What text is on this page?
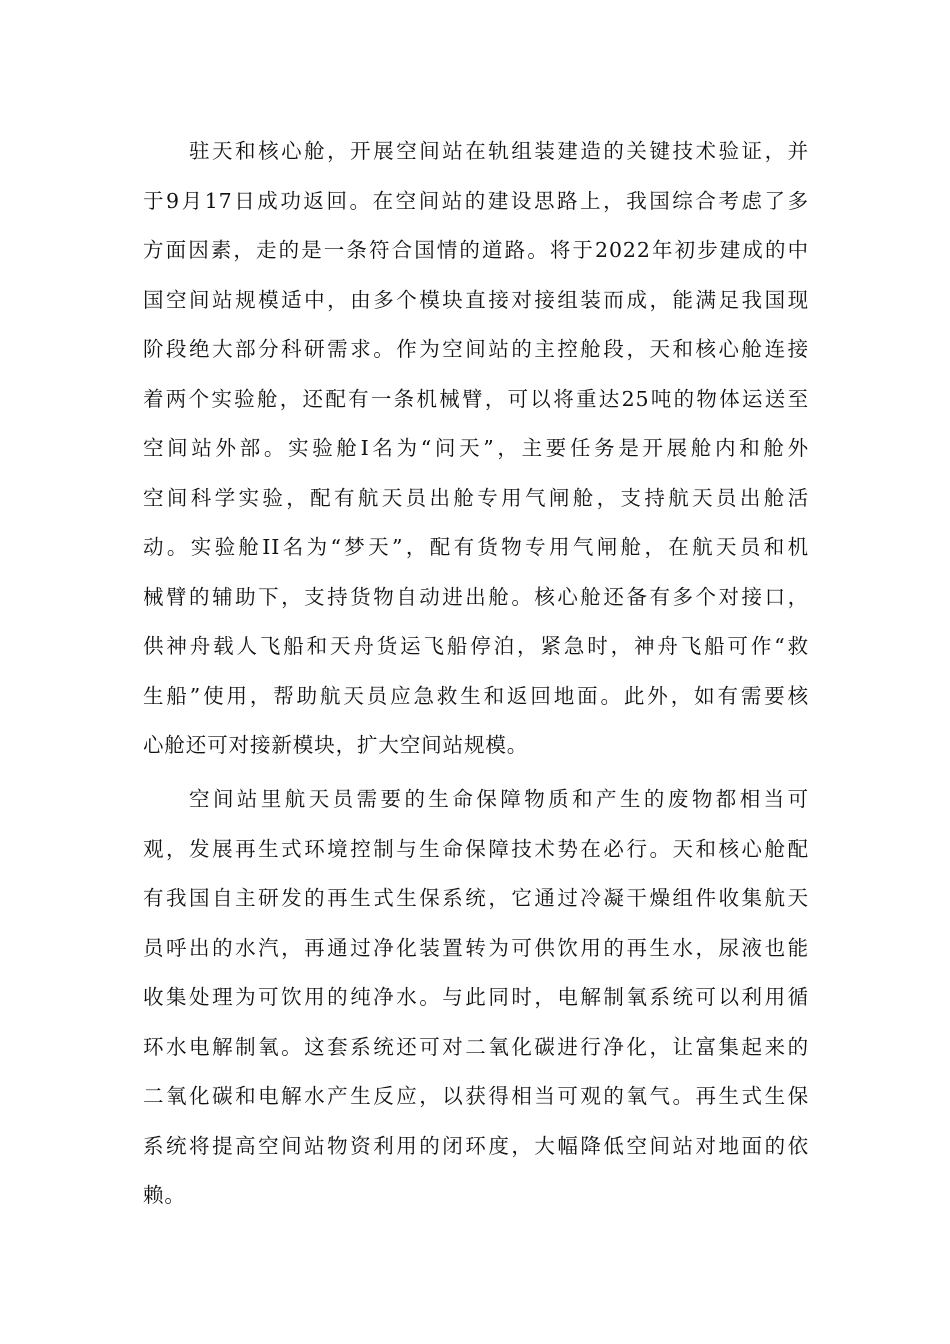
驻天和核心舱，开展空间站在轨组装建造的关键技术验证，并
于9月17日成功返回。在空间站的建设思路上，我国综合考虑了多
方面因素，走的是一条符合国情的道路。将于2022年初步建成的中
国空间站规模适中，由多个模块直接对接组装而成，能满足我国现
阶段绝大部分科研需求。作为空间站的主控舱段，天和核心舱连接
着两个实验舱，还配有一条机械臂，可以将重达25吨的物体运送至
空间站外部。实验舱I名为“问天”，主要任务是开展舱内和舱外
空间科学实验，配有航天员出舱专用气闸舱，支持航天员出舱活
动。实验舱II名为“梦天”，配有货物专用气闸舱，在航天员和机
械臂的辅助下，支持货物自动进出舱。核心舱还备有多个对接口，
供神舟载人飞船和天舟货运飞船停泊，紧急时，神舟飞船可作“救
生船”使用，帮助航天员应急救生和返回地面。此外，如有需要核
心舱还可对接新模块，扩大空间站规模。
空间站里航天员需要的生命保障物质和产生的废物都相当可
观，发展再生式环境控制与生命保障技术势在必行。天和核心舱配
有我国自主研发的再生式生保系统，它通过冷凝干燥组件收集航天
员呼出的水汽，再通过净化装置转为可供饮用的再生水，尿液也能
收集处理为可饮用的纯净水。与此同时，电解制氧系统可以利用循
环水电解制氧。这套系统还可对二氧化碳进行净化，让富集起来的
二氧化碳和电解水产生反应，以获得相当可观的氧气。再生式生保
系统将提高空间站物资利用的闭环度，大幅降低空间站对地面的依
赖。
